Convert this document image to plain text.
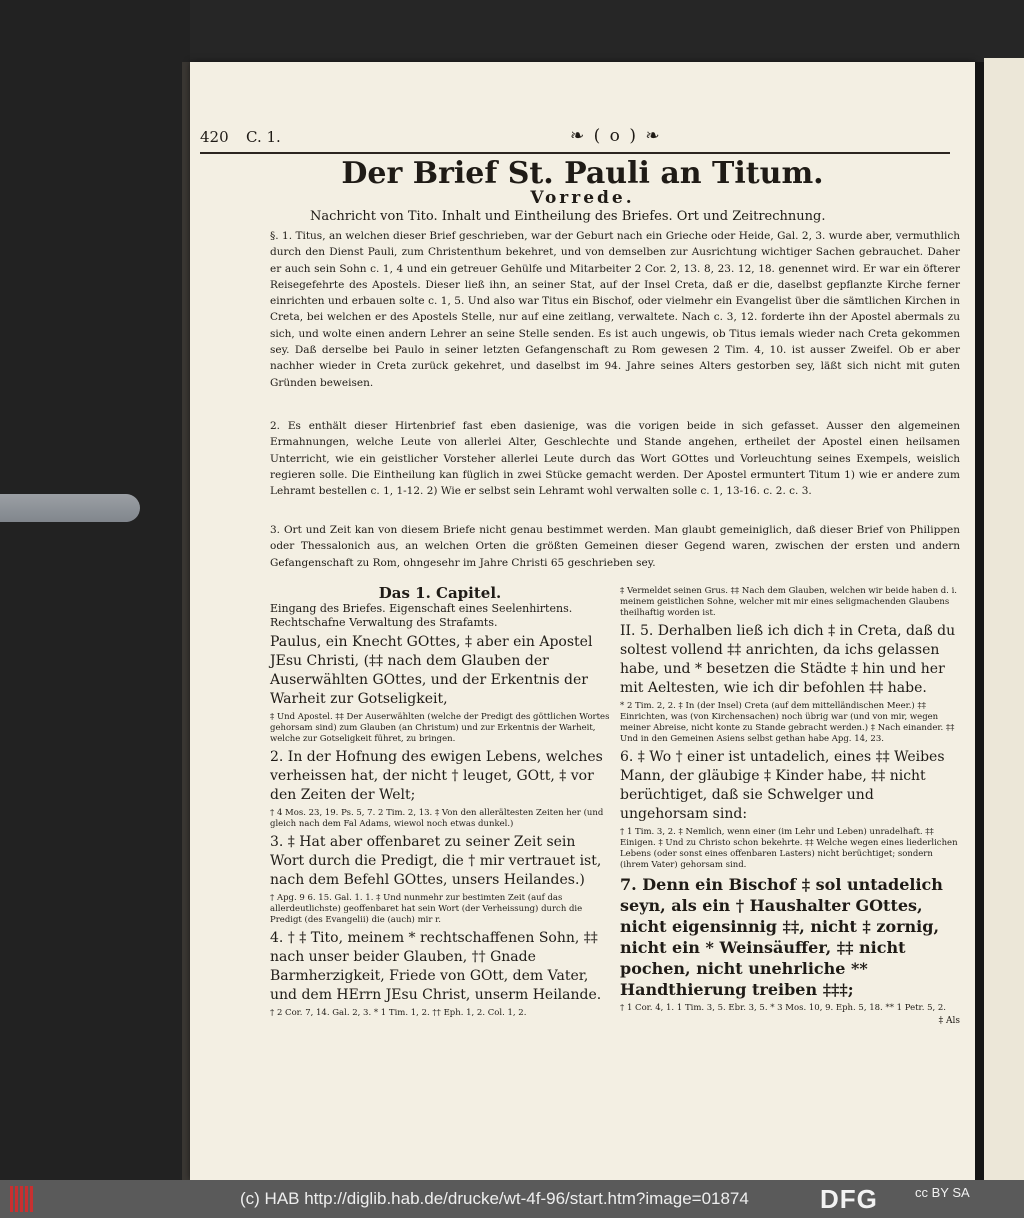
420 C. 1.	❧ ( o ) ❧
Der Brief St. Pauli an Titum.
Vorrede.
Nachricht von Tito. Inhalt und Eintheilung des Briefes. Ort und Zeitrechnung.
§. 1. Titus, an welchen dieser Brief geschrieben, war der Geburt nach ein Grieche oder Heide, Gal. 2, 3. wurde aber, vermuthlich durch den Dienst Pauli, zum Christenthum bekehret, und von demselben zur Ausrichtung wichtiger Sachen gebrauchet. Daher er auch sein Sohn c. 1, 4 und ein getreuer Gehülfe und Mitarbeiter 2 Cor. 2, 13. 8, 23. 12, 18. genennet wird. Er war ein öfterer Reisegefehrte des Apostels. Dieser ließ ihn, an seiner Stat, auf der Insel Creta, daß er die, daselbst gepflanzte Kirche ferner einrichten und erbauen solte c. 1, 5. Und also war Titus ein Bischof, oder vielmehr ein Evangelist über die sämtlichen Kirchen in Creta, bei welchen er des Apostels Stelle, nur auf eine zeitlang, verwaltete. Nach c. 3, 12. forderte ihn der Apostel abermals zu sich, und wolte einen andern Lehrer an seine Stelle senden. Es ist auch ungewis, ob Titus iemals wieder nach Creta gekommen sey. Daß derselbe bei Paulo in seiner letzten Gefangenschaft zu Rom gewesen 2 Tim. 4, 10. ist ausser Zweifel. Ob er aber nachher wieder in Creta zurück gekehret, und daselbst im 94. Jahre seines Alters gestorben sey, läßt sich nicht mit guten Gründen beweisen.
2. Es enthält dieser Hirtenbrief fast eben dasienige, was die vorigen beide in sich gefasset. Ausser den algemeinen Ermahnungen, welche Leute von allerlei Alter, Geschlechte und Stande angehen, ertheilet der Apostel einen heilsamen Unterricht, wie ein geistlicher Vorsteher allerlei Leute durch das Wort GOttes und Vorleuchtung seines Exempels, weislich regieren solle. Die Eintheilung kan füglich in zwei Stücke gemacht werden. Der Apostel ermuntert Titum 1) wie er andere zum Lehramt bestellen c. 1, 1-12. 2) Wie er selbst sein Lehramt wohl verwalten solle c. 1, 13-16. c. 2. c. 3.
3. Ort und Zeit kan von diesem Briefe nicht genau bestimmet werden. Man glaubt gemeiniglich, daß dieser Brief von Philippen oder Thessalonich aus, an welchen Orten die größten Gemeinen dieser Gegend waren, zwischen der ersten und andern Gefangenschaft zu Rom, ohngesehr im Jahre Christi 65 geschrieben sey.
Das 1. Capitel.
Eingang des Briefes. Eigenschaft eines Seelenhirtens. Rechtschafne Verwaltung des Strafamts.
Paulus, ein Knecht GOttes, ‡ aber ein Apostel JEsu Christi, (‡‡ nach dem Glauben der Auserwählten GOttes, und der Erkentnis der Warheit zur Gotseligkeit,
‡ Und Apostel. ‡‡ Der Auserwählten (welche der Predigt des göttlichen Wortes gehorsam sind) zum Glauben (an Christum) und zur Erkentnis der Warheit, welche zur Gotseligkeit führet, zu bringen.
2. In der Hofnung des ewigen Lebens, welches verheissen hat, der nicht † leuget, GOtt, ‡ vor den Zeiten der Welt;
† 4 Mos. 23, 19. Ps. 5, 7. 2 Tim. 2, 13. ‡ Von den allerältesten Zeiten her (und gleich nach dem Fal Adams, wiewol noch etwas dunkel.)
3. ‡ Hat aber offenbaret zu seiner Zeit sein Wort durch die Predigt, die † mir vertrauet ist, nach dem Befehl GOttes, unsers Heilandes.)
† Apg. 9 6. 15. Gal. 1. 1. ‡ Und nunmehr zur bestimten Zeit (auf das allerdeutlichste) geoffenbaret hat sein Wort (der Verheissung) durch die Predigt (des Evangelii) die (auch) mir r.
4. † ‡ Tito, meinem * rechtschaffenen Sohn, ‡‡ nach unser beider Glauben, †† Gnade Barmherzigkeit, Friede von GOtt, dem Vater, und dem HErrn JEsu Christ, unserm Heilande.
† 2 Cor. 7, 14. Gal. 2, 3. * 1 Tim. 1, 2. †† Eph. 1, 2. Col. 1, 2.
‡ Vermeldet seinen Grus. ‡‡ Nach dem Glauben, welchen wir beide haben d. i. meinem geistlichen Sohne, welcher mit mir eines seligmachenden Glaubens theilhaftig worden ist.
II. 5. Derhalben ließ ich dich ‡ in Creta, daß du soltest vollend ‡‡ anrichten, da ichs gelassen habe, und * besetzen die Städte ‡ hin und her mit Aeltesten, wie ich dir befohlen ‡‡ habe.
* 2 Tim. 2, 2. ‡ In (der Insel) Creta (auf dem mittelländischen Meer.) ‡‡ Einrichten, was (von Kirchensachen) noch übrig war (und von mir, wegen meiner Abreise, nicht konte zu Stande gebracht werden.) ‡ Nach einander. ‡‡ Und in den Gemeinen Asiens selbst gethan habe Apg. 14, 23.
6. ‡ Wo † einer ist untadelich, eines ‡‡ Weibes Mann, der gläubige ‡ Kinder habe, ‡‡ nicht berüchtiget, daß sie Schwelger und ungehorsam sind:
† 1 Tim. 3, 2. ‡ Nemlich, wenn einer (im Lehr und Leben) unradelhaft. ‡‡ Einigen. ‡ Und zu Christo schon bekehrte. ‡‡ Welche wegen eines liederlichen Lebens (oder sonst eines offenbaren Lasters) nicht berüchtiget; sondern (ihrem Vater) gehorsam sind.
7. Denn ein Bischof ‡ sol untadelich seyn, als ein † Haushalter GOttes, nicht eigensinnig ‡‡, nicht ‡ zornig, nicht ein * Weinsäuffer, ‡‡ nicht pochen, nicht unehrliche ** Handthierung treiben ‡‡‡;
† 1 Cor. 4, 1. 1 Tim. 3, 5. Ebr. 3, 5. * 3 Mos. 10, 9. Eph. 5, 18. ** 1 Petr. 5, 2.
‡ Als
(c) HAB http://diglib.hab.de/drucke/wt-4f-96/start.htm?image=01874	DFG	cc BY SA
